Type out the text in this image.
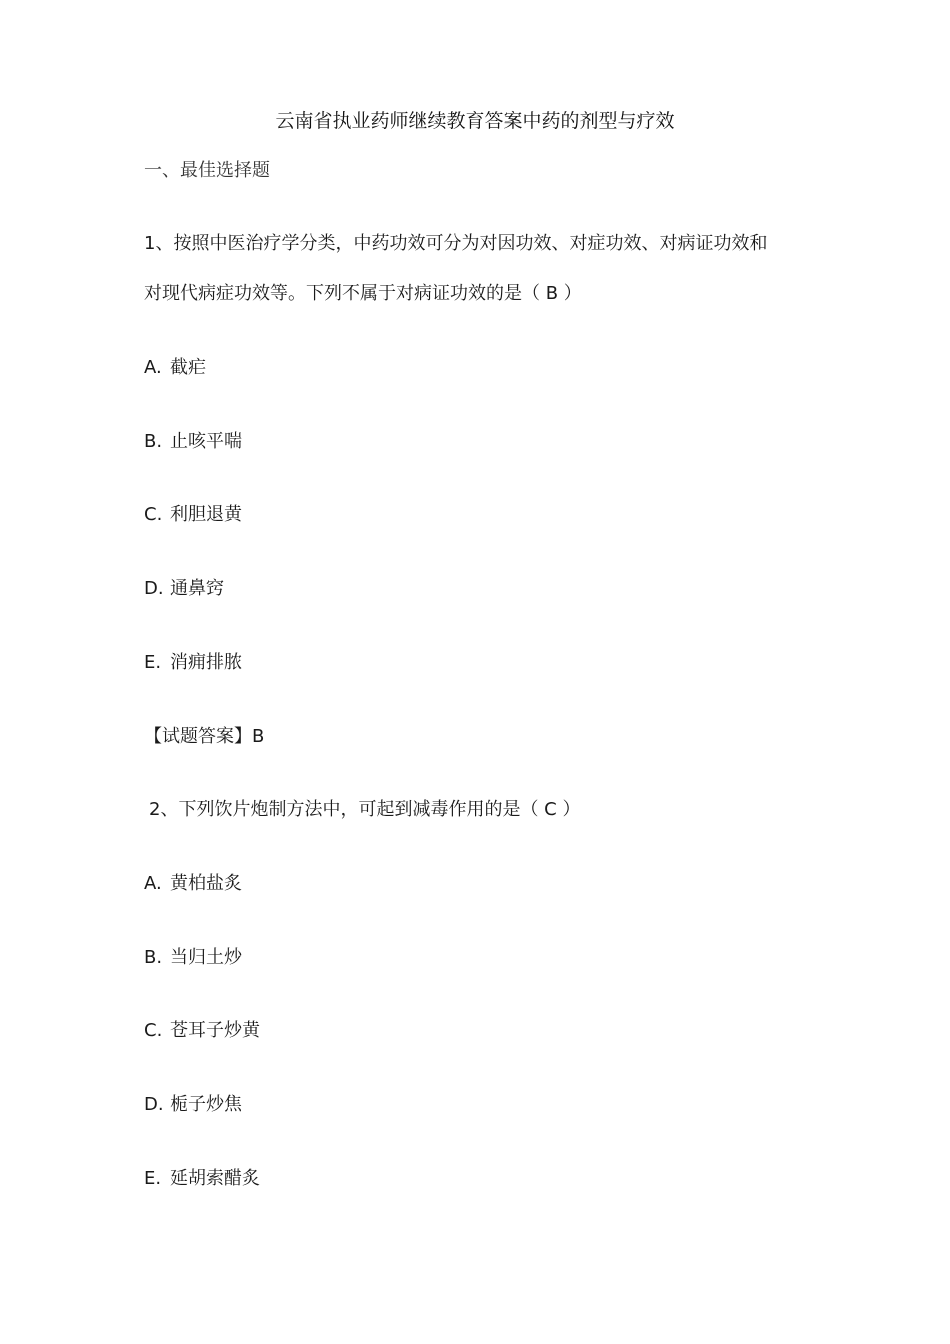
云南省执业药师继续教育答案中药的剂型与疗效
一、最佳选择题
1、按照中医治疗学分类，中药功效可分为对因功效、对症功效、对病证功效和
对现代病症功效等。下列不属于对病证功效的是（ B ）
A. 截疟
B. 止咳平喘
C. 利胆退黄
D. 通鼻窍
E. 消痈排脓
【试题答案】B
2、下列饮片炮制方法中，可起到减毒作用的是（ C ）
A. 黄柏盐炙
B. 当归土炒
C. 苍耳子炒黄
D. 栀子炒焦
E. 延胡索醋炙
